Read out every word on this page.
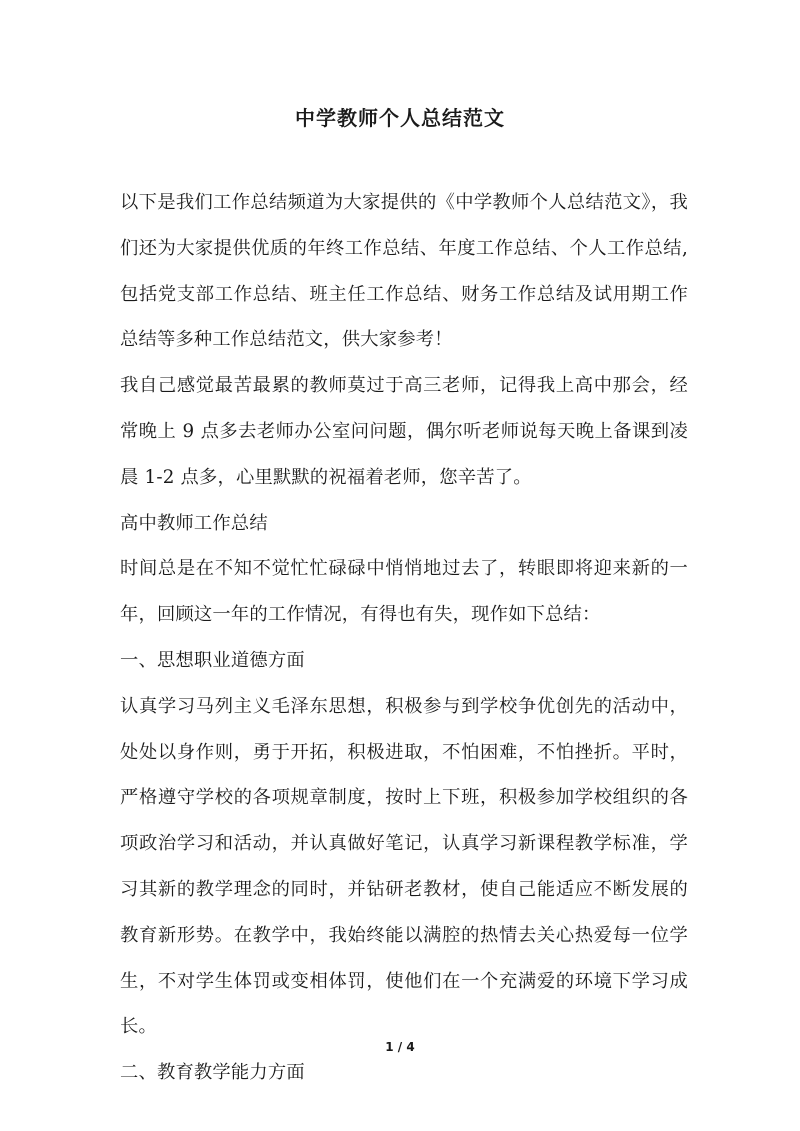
中学教师个人总结范文

以下是我们工作总结频道为大家提供的《中学教师个人总结范文》，我们还为大家提供优质的年终工作总结、年度工作总结、个人工作总结,包括党支部工作总结、班主任工作总结、财务工作总结及试用期工作总结等多种工作总结范文，供大家参考！

我自己感觉最苦最累的教师莫过于高三老师，记得我上高中那会，经常晚上 9 点多去老师办公室问问题，偶尔听老师说每天晚上备课到凌晨 1-2 点多，心里默默的祝福着老师，您辛苦了。

高中教师工作总结

时间总是在不知不觉忙忙碌碌中悄悄地过去了，转眼即将迎来新的一年，回顾这一年的工作情况，有得也有失，现作如下总结：

一、思想职业道德方面

认真学习马列主义毛泽东思想，积极参与到学校争优创先的活动中，处处以身作则，勇于开拓，积极进取，不怕困难，不怕挫折。平时，严格遵守学校的各项规章制度，按时上下班，积极参加学校组织的各项政治学习和活动，并认真做好笔记，认真学习新课程教学标准，学习其新的教学理念的同时，并钻研老教材，使自己能适应不断发展的教育新形势。在教学中，我始终能以满腔的热情去关心热爱每一位学生，不对学生体罚或变相体罚，使他们在一个充满爱的环境下学习成长。

二、教育教学能力方面

1 / 4
